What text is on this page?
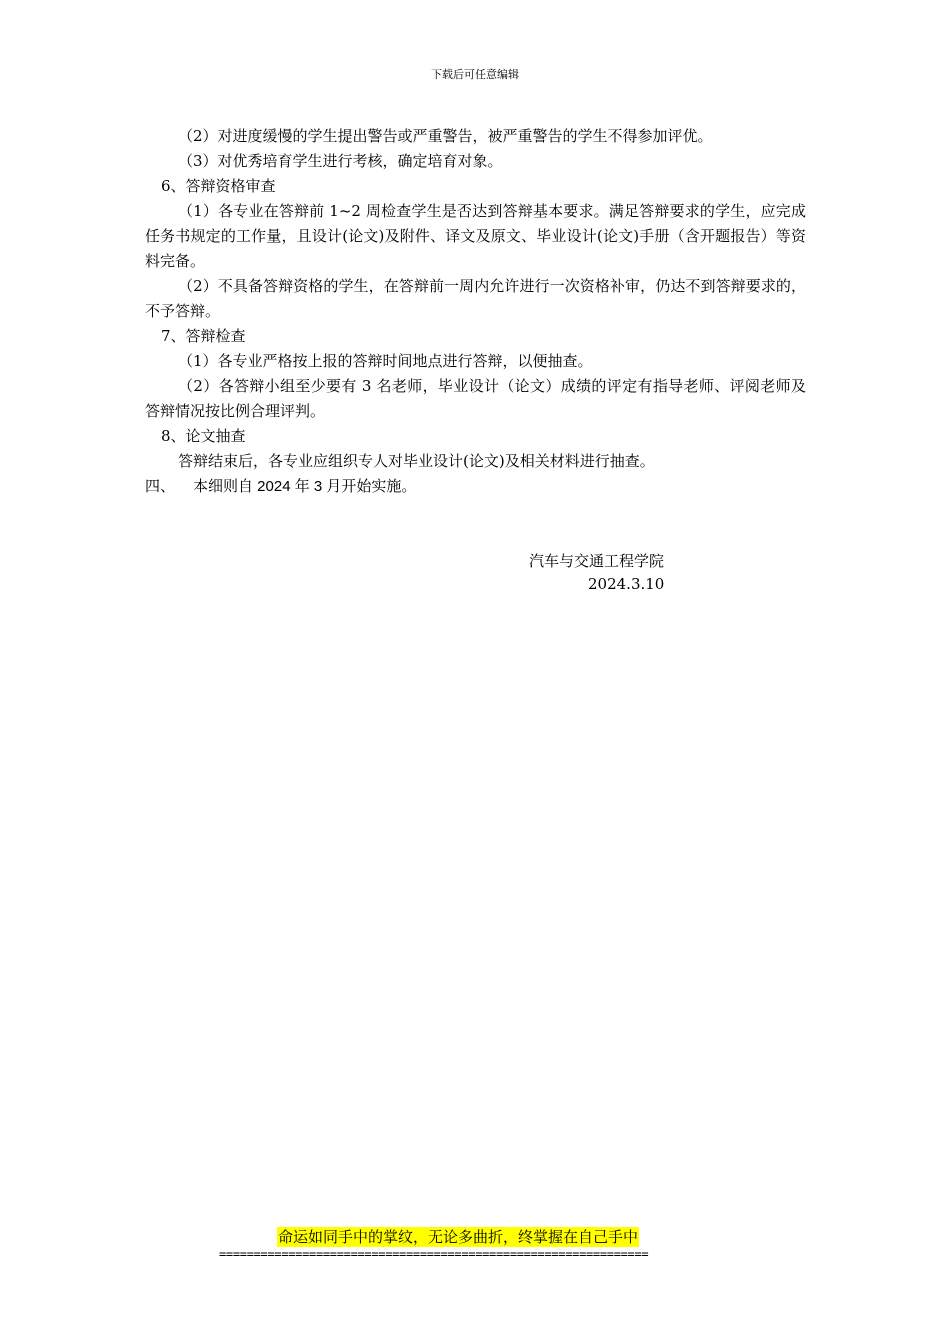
下载后可任意编辑

（2）对进度缓慢的学生提出警告或严重警告，被严重警告的学生不得参加评优。

（3）对优秀培育学生进行考核，确定培育对象。

6、答辩资格审查

（1）各专业在答辩前 1~2 周检查学生是否达到答辩基本要求。满足答辩要求的学生，应完成任务书规定的工作量，且设计(论文)及附件、译文及原文、毕业设计(论文)手册（含开题报告）等资料完备。

（2）不具备答辩资格的学生，在答辩前一周内允许进行一次资格补审，仍达不到答辩要求的，不予答辩。

7、答辩检查

（1）各专业严格按上报的答辩时间地点进行答辩，以便抽查。

（2）各答辩小组至少要有 3 名老师，毕业设计（论文）成绩的评定有指导老师、评阅老师及答辩情况按比例合理评判。

8、论文抽查

答辩结束后，各专业应组织专人对毕业设计(论文)及相关材料进行抽查。

四、 本细则自 2024 年 3 月开始实施。

汽车与交通工程学院
2024.3.10
命运如同手中的掌纹，无论多曲折，终掌握在自己手中
==============================================================
